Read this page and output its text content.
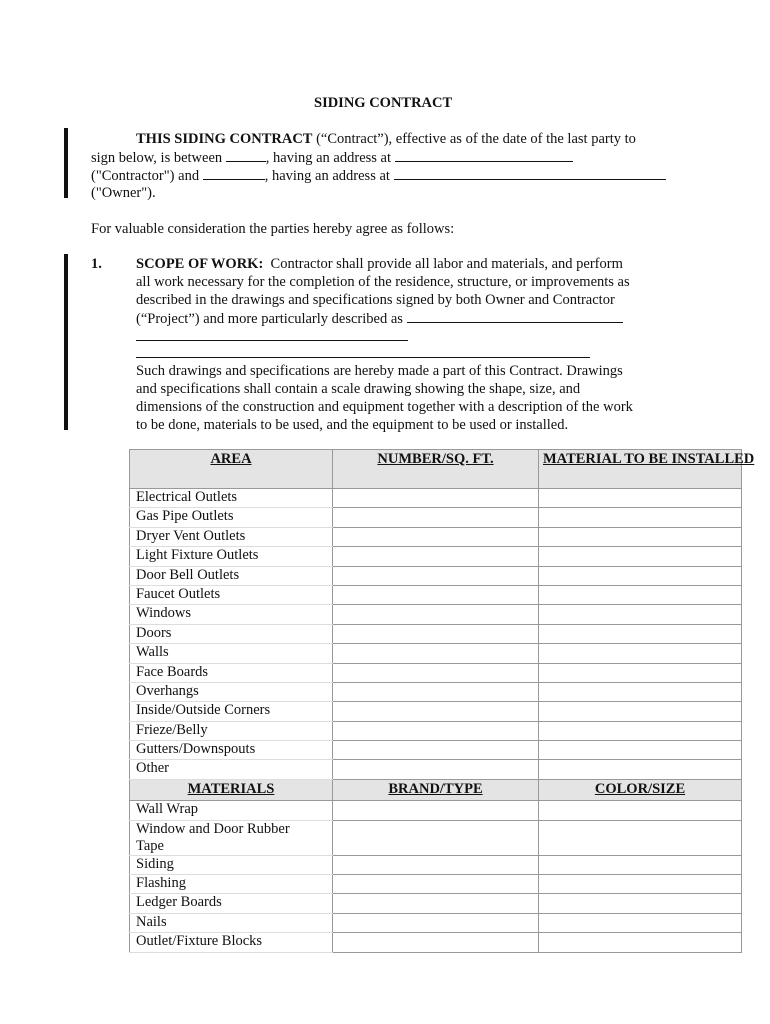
SIDING CONTRACT
THIS SIDING CONTRACT (“Contract”), effective as of the date of the last party to
sign below, is between	, having an address at
("Contractor") and	, having an address at
("Owner").
For valuable consideration the parties hereby agree as follows:
1. SCOPE OF WORK: Contractor shall provide all labor and materials, and perform
all work necessary for the completion of the residence, structure, or improvements as
described in the drawings and specifications signed by both Owner and Contractor
(“Project”) and more particularly described as
Such drawings and specifications are hereby made a part of this Contract. Drawings
and specifications shall contain a scale drawing showing the shape, size, and
dimensions of the construction and equipment together with a description of the work
to be done, materials to be used, and the equipment to be used or installed.
AREA	NUMBER/SQ. FT.	MATERIAL TO BE INSTALLED
Electrical Outlets		
Gas Pipe Outlets		
Dryer Vent Outlets		
Light Fixture Outlets		
Door Bell Outlets		
Faucet Outlets		
Windows		
Doors		
Walls		
Face Boards		
Overhangs		
Inside/Outside Corners		
Frieze/Belly		
Gutters/Downspouts		
Other		
MATERIALS	BRAND/TYPE	COLOR/SIZE
Wall Wrap		
Window and Door Rubber Tape		
Siding		
Flashing		
Ledger Boards		
Nails		
Outlet/Fixture Blocks		
